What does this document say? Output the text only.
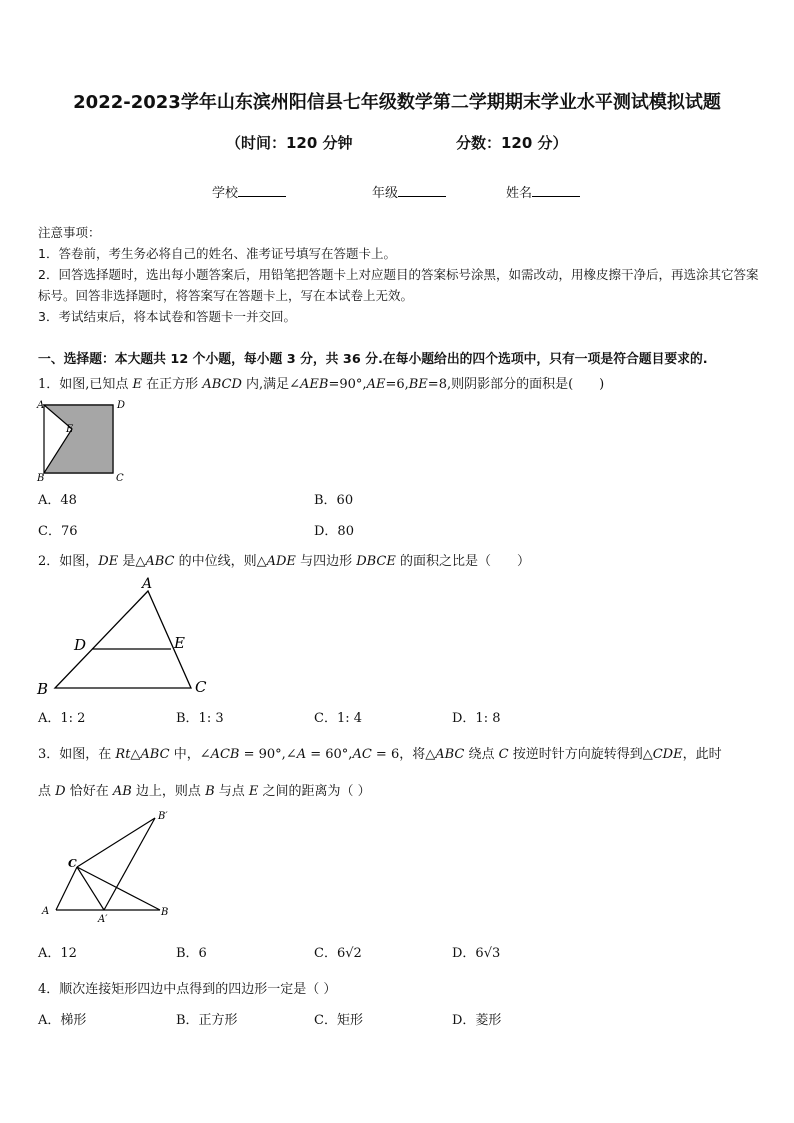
2022-2023学年山东滨州阳信县七年级数学第二学期期末学业水平测试模拟试题
（时间：120 分钟	分数：120 分）
学校	年级	姓名

注意事项：

1．答卷前，考生务必将自己的姓名、准考证号填写在答题卡上。

2．回答选择题时，选出每小题答案后，用铅笔把答题卡上对应题目的答案标号涂黑，如需改动，用橡皮擦干净后，再选涂其它答案标号。回答非选择题时，将答案写在答题卡上，写在本试卷上无效。

3．考试结束后，将本试卷和答题卡一并交回。

一、选择题：本大题共 12 个小题，每小题 3 分，共 36 分.在每小题给出的四个选项中，只有一项是符合题目要求的.
1．如图,已知点 E 在正方形 ABCD 内,满足∠AEB=90°,AE=6,BE=8,则阴影部分的面积是(　　)
A	D
E
B	C
A．48	B．60
C．76	D．80
2．如图，DE 是△ABC 的中位线，则△ADE 与四边形 DBCE 的面积之比是（　　）
A
D	E
B	C
A．1: 2	B．1: 3	C．1: 4	D．1: 8
3．如图，在 Rt△ABC 中，∠ACB = 90°,∠A = 60°,AC = 6，将△ABC 绕点 C 按逆时针方向旋转得到△CDE，此时
点 D 恰好在 AB 边上，则点 B 与点 E 之间的距离为（ ）
B′
C
A
A′
B
A．12	B．6	C．6√2	D．6√3
4．顺次连接矩形四边中点得到的四边形一定是（ ）
A．梯形	B．正方形	C．矩形	D．菱形
